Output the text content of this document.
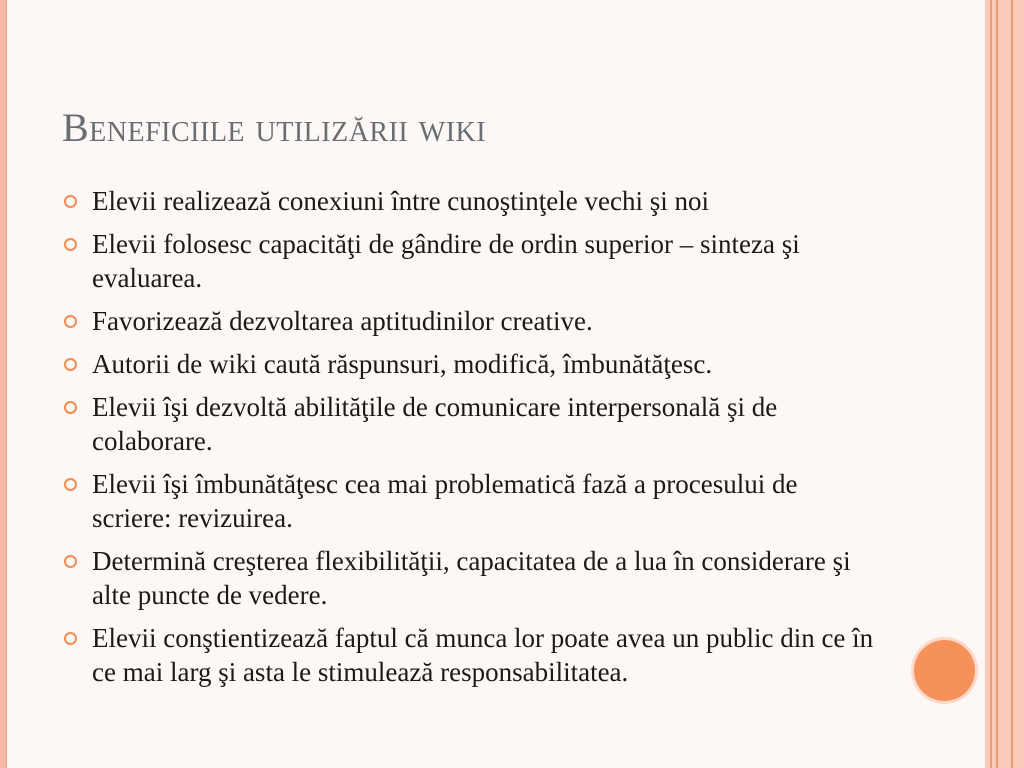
Beneficiile utilizării wiki
Elevii realizează conexiuni între cunoştinţele vechi şi noi
Elevii folosesc capacităţi de gândire de ordin superior – sinteza şi evaluarea.
Favorizează dezvoltarea aptitudinilor creative.
Autorii de wiki caută răspunsuri, modifică, îmbunătăţesc.
Elevii îşi dezvoltă abilităţile de comunicare interpersonală şi de colaborare.
Elevii îşi îmbunătăţesc cea mai problematică fază a procesului de scriere: revizuirea.
Determină creşterea flexibilităţii, capacitatea de a lua în considerare şi alte puncte de vedere.
Elevii conştientizează faptul că munca lor poate avea un public din ce în ce mai larg şi asta le stimulează responsabilitatea.
